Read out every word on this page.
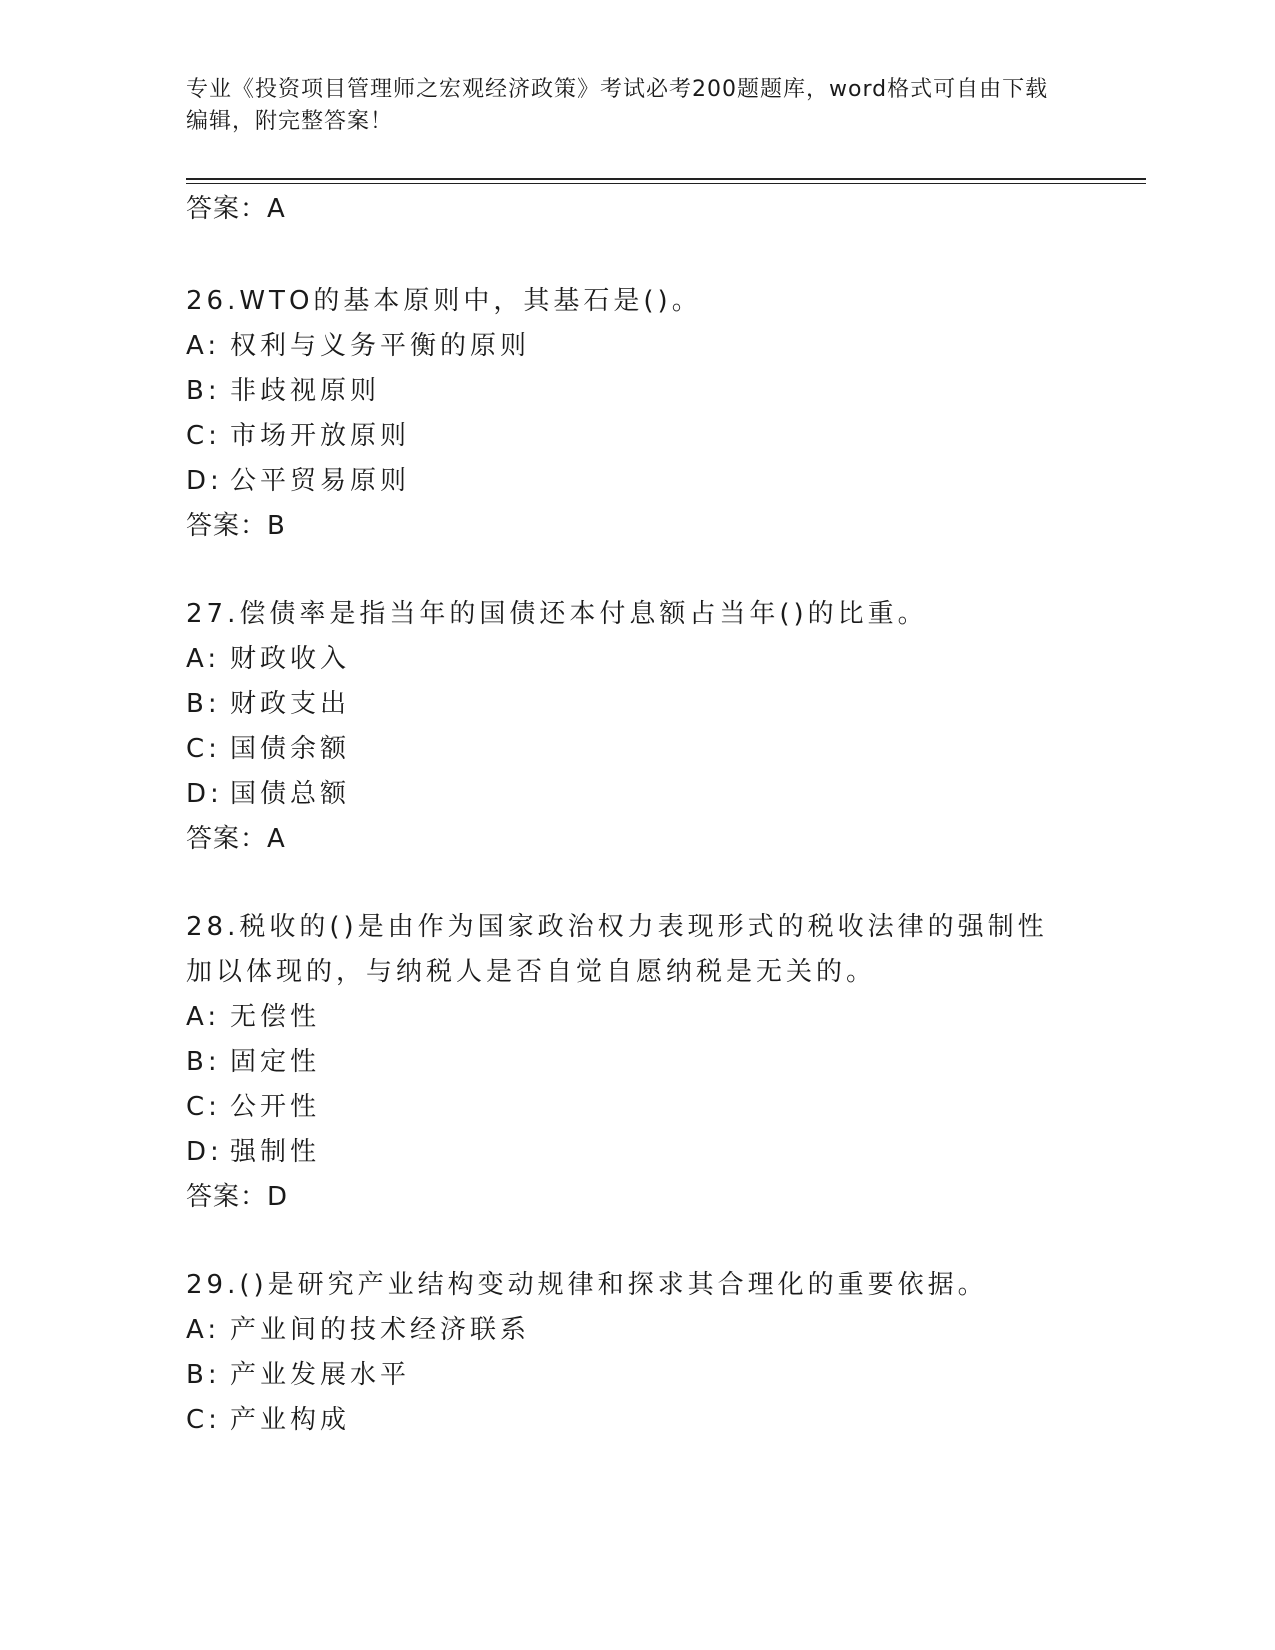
专业《投资项目管理师之宏观经济政策》考试必考200题题库，word格式可自由下载编辑，附完整答案！
答案：A
26.WTO的基本原则中，其基石是()。
A: 权利与义务平衡的原则
B: 非歧视原则
C: 市场开放原则
D: 公平贸易原则
答案：B
27.偿债率是指当年的国债还本付息额占当年()的比重。
A: 财政收入
B: 财政支出
C: 国债余额
D: 国债总额
答案：A
28.税收的()是由作为国家政治权力表现形式的税收法律的强制性加以体现的，与纳税人是否自觉自愿纳税是无关的。
A: 无偿性
B: 固定性
C: 公开性
D: 强制性
答案：D
29.()是研究产业结构变动规律和探求其合理化的重要依据。
A: 产业间的技术经济联系
B: 产业发展水平
C: 产业构成
